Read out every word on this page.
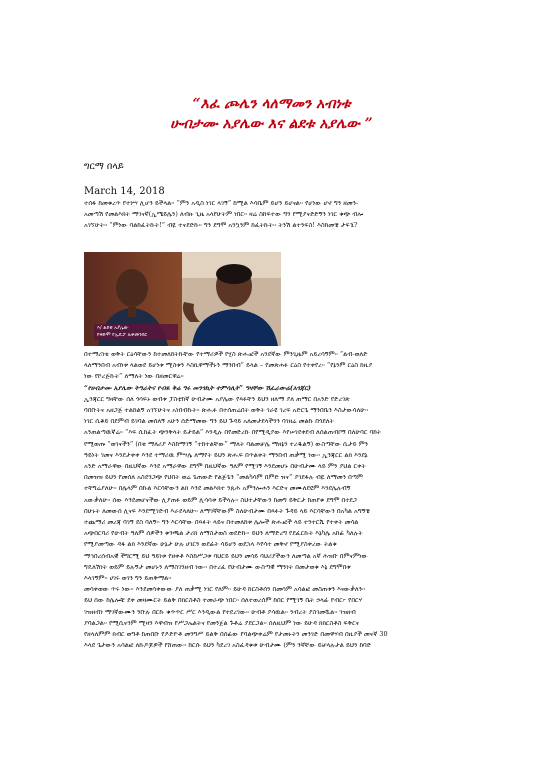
“እፈ ጮሌን ላለማመን አብነቱ
ሁብታሙ አያሌው እና ልደቱ አያሌው ”
ግርማ በላይ
March 14, 2018
ተሰፋ ከመቁረጥ የተነሣ ሊሆን ይችላል፡፡ “ምን አዲስ ነገር ላገኝ” ከሚል እሳቤም ይሆን ይሆናል፡፡ የሆነው ሆኖ ግን ዘመን-
አመጣሽ የመልእክት ማገናኛ(ኢሜይሌን) ለብዙ ጊዜ አላየሁትም ነበር፡፡ ዛሬ ስከፍተው ግን የሚያናድድኝን ነገር ቁጭ ብሎ
አገኘሁት፡፡ “ምነው ባልከፈትኩት!” ብዬ ተናደድኩ፡፡ ግን ደግሞ አንኳንም ከፈትኩት፡፡ ትንሽ ልተንፍስ! እስከመቼ ታፍኜ?
እ/ ልደቱ አያሌው
የቀድሞ የኢዴፓ ሊቀመንበር
በተማሪነቴ ወቅት ርዕሳቸውን ከተመለከትኩቸው የተማሪዎች የሂስ ጽሑፎች አንደኛው ምንጊዜም አይረሳኝም፡፡ “ልብ-ወለድ
ላለማንበብ አብነቱ ላልወደ ይሆነቱ ሚስቱን እስኪዋማችኑን ማንበብ” ይላል – የመጽሐፉ ርዕስ የተቀየረ፡፡ “የኔንም ርዕስ ከዚያ
ነው የኮረጅኩት” ለማለት ነው በዘመርዋሬ፡፡
“የሀብታሙ አያሌው ትግራትና የብዬ ቅሬ ግሩ መንጎኪት ተምሳሊት” ግዛቸው ሽፈራውሬ(አጎጃር)
ኢንጃርር ግዛቸው ሰለ ጎሳፍኑ ወብቱ ፓስቲከኛ ሁብታሙ አያሌው የጻፉቸን ይህን ዘለማ ያለ ጠማር በአንድ የድረገጽ
ባበቡትና አዘጋጅ ተልከልኝ አገኘሁትና አነበብኩት፡፡ ጽሑፉ በተሰጠሬበት ወቅት ገራዩ ገረፍ አድርጌ ማንበቤን እስታውሳለሁ፡፡
ነገር ሲቆይ በደምብ ይገባል መሰለኝ አሁን ሰድማመው ግን ይህ ጉዳይ አለመታደላችንን ባገዘሬ መልኩ በጎደለት
አንጠልጣዉኛሬ፡፡ “እፍ ሲከፈት ጭንቅላት ይታይል” እንዲሉ በየመድረኩ በየሚዲያው እየሠገደቀደብ ለሰልጠብቦኝ በለሁባር ባከት
የሚወጡ “ወገናችን” (በቂ ማለሪያ እስከማገኝ “ተከተልቸው” ማለት ባልመቻሌ ማዘኔን ተረዱልኝ) ውስጣቸው ሲታይ ምን
ዓይነት ገመና እንደታቀቀ እንደ ተማሪዉ ምሣሌ ለማየት ይህን ጽሑፍ በጥልቀት ማንበብ ጠቃሚ ነው፡፡ ኢንጃርር ልክ እንደኔ
አንድ አማራዋው በዚህኛው እንደ አማራዋው ደግሞ በዚህኛው ዓለም የሚገኝ እንደመሆኑ በሁብታሙ ላይ ምን ያህል ርቀት
በመዝዝ ይህን የመሰለ አስደንጋጭ የህበት ወሬ ጌጠውድ የልጅጌን “መልካሳም በምድ ዝና” ያገደፋሉ ብዬ ለማመን በጣም
ተቸግሬያለሁ፡፡ በሌላም በኩል እርሳቸውን ልክ እንደ መልእክተ ንጹሕ አምንሎሐን እርድና መሙለደዩም እንደሌሉብኝ
አውቃለሁ፡፡ ሰው እንደመሆናችው ሊያጠፉ ወይም ሊሳሳቱ ይችላሉ፡፡ ስህተታቸውን ከመግ ይቅርታ ከጠየቁ ደግሞ በተደጋ
በሁኑት ለመውሰ ሊናፍ እንደሚገድብ እራደላለሁ፡፡ ለማገኛቸውም ስለሁብታሙ በጻፉት ጉዳይ ላይ እርሳቸውን በአካል አግኝቼ
ተጨማሪ መረጃ ባገኝ ደስ ባለኝ፡፡ ግን እርሳቸው በጻፉት ላይና በተመለከቱ ሌሎች ጽሑፎች ላይ ተንተርሼ የተቀት መሳል
አጭበርባሪ የሁብት ዓለም ሰዎችን ቁንጫል ታሪክ ለማስታወስ ወደድኩ፡፡ ይህን ለማድረግ የደፈርኩት እኔካሌ አከፊ ካለሉት
የሚያመጣው ዳፋ ልክ እንደኛው ሁኔታ ሁሉ ሀገርን ወደፊት ሳይሆን ወደኋላ እየሳተ መቅኖ የሚያስቀረው ትልቁ
ማኅበረሰብአዊ ችግርሚ ይህ ዓይነቱ የዘቀቶ እስከሥጋቱ ባህርይ ይህን መሳይ ባህሪያችውን ለመጣል አኛ ሕዝቡ በምናምነው
ግዴለሽነት ወይም ይሉኝታ መሆኑን ለማስገንዘብ ነው፡፡ በተረፈ የሁብታሙ ውስጣዊ ማንነት በመታወቁ እኔ ደግሞበቱ
እላገኝም፡፡ ሀገሩ ወገን ግን ይጠቅማል፡፡
መሳቀወው ጥሩ ነው፡፡ እንደመሳቀውው ያለ ጠቃሚ ነገር የለም፡፡ ይሁዳ ከርስቶሰን በመሳም አሳልፎ መስጠቱን እናውቃለን፡፡
ይህ ሰው ከሌሎቹ ደቀ መዛሙርት ይልቅ በክርስቶስ ተመራጭ ነበር፡፡ ሰለተወረሰም ከበር የሚገኝ ቤት ኃላፊ የብር፦ የበርሃ
ገዝዘብነ ማገኛውሙን ንቡሉ በርኩ ቁጥጥር ሥር እንዲውል የተደረገው፡፡ ሁብቶ ያሳዉል፡፡ ንብረት ያስገመሿል፡፡ ገዝዘብ
ያባልጋል፡፡ የሚሲናንም ሚዛን እዋብዝ የሥጋኤልትና የመንጀል ጉቶሬ ያደርጋል፡፡ ሰለዚህም ነው ይሁዳ ክክርስቶስ ፍቅርና
የዘላለምም ክብር ወግቶ ከጠበቡ የዶድዮቶ መንግሥ ይልቅ በሰፊው የባልጭቀሬም የታመኑትን መንገድ በመዋሃብ በዚያች መናኛ 30
እላደ ጌታውን አሳልፎ ለኩዶጆዎች የሸጠው፡፡ ከርሱ ይህን ካደረገ አስፈዳቁቱ ሁብታሙ (ምን ንኛቸው ይቻላሉታል ይህን ከባድ
